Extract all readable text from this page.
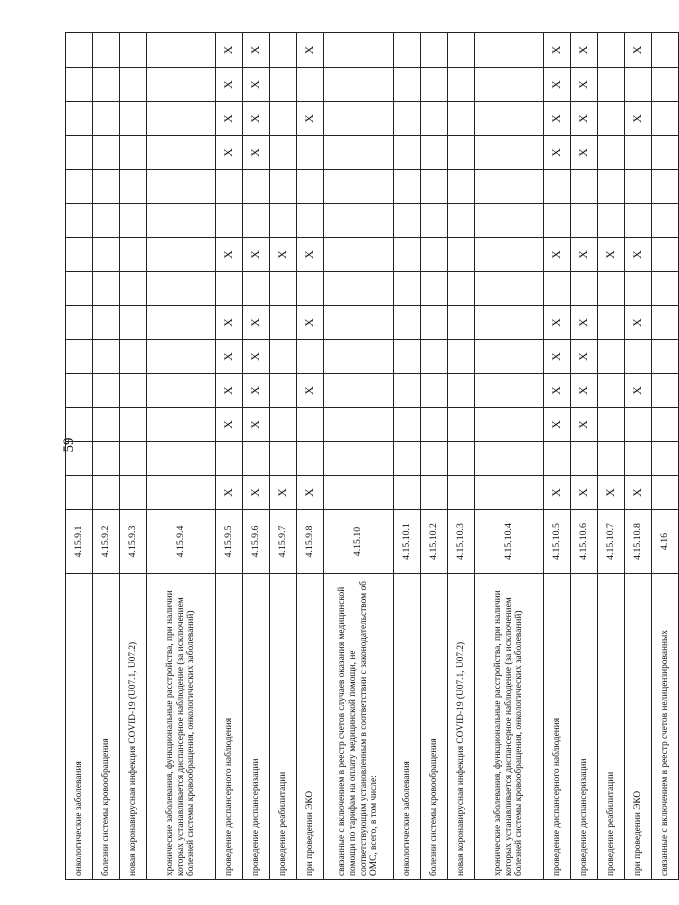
59
онкологические заболевания	4.15.9.1														
болезни системы кровообращения	4.15.9.2														
новая коронавирусная инфекция COVID-19 (U07.1, U07.2)	4.15.9.3														
хронические заболевания, функциональные расстройства, при наличии которых устанавливается диспансерное наблюдение (за исключением болезней системы кровообращения, онкологических заболеваний)	4.15.9.4														
проведение диспансерного наблюдения	4.15.9.5	X		X	X	X	X		X			X	X	X	X
проведение диспансеризации	4.15.9.6	X		X	X	X	X		X			X	X	X	X
проведение реабилитации	4.15.9.7	X							X						
при проведении ЭКО	4.15.9.8	X			X		X		X				X		X
связанные с включением в реестр счетов случаев оказания медицинской помощи по тарифам на оплату медицинской помощи, не соответствующим установленным в соответствии с законодательством об ОМС, всего, в том числе:	4.15.10														
онкологические заболевания	4.15.10.1														
болезни системы кровообращения	4.15.10.2														
новая коронавирусная инфекция COVID-19 (U07.1, U07.2)	4.15.10.3														
хронические заболевания, функциональные расстройства, при наличии которых устанавливается диспансерное наблюдение (за исключением болезней системы кровообращения, онкологических заболеваний)	4.15.10.4														
проведение диспансерного наблюдения	4.15.10.5	X		X	X	X	X		X			X	X	X	X
проведение диспансеризации	4.15.10.6	X		X	X	X	X		X			X	X	X	X
проведение реабилитации	4.15.10.7	X							X						
при проведении ЭКО	4.15.10.8	X			X		X		X				X		X
связанные с включением в реестр счетов нелицензированных	4.16														
